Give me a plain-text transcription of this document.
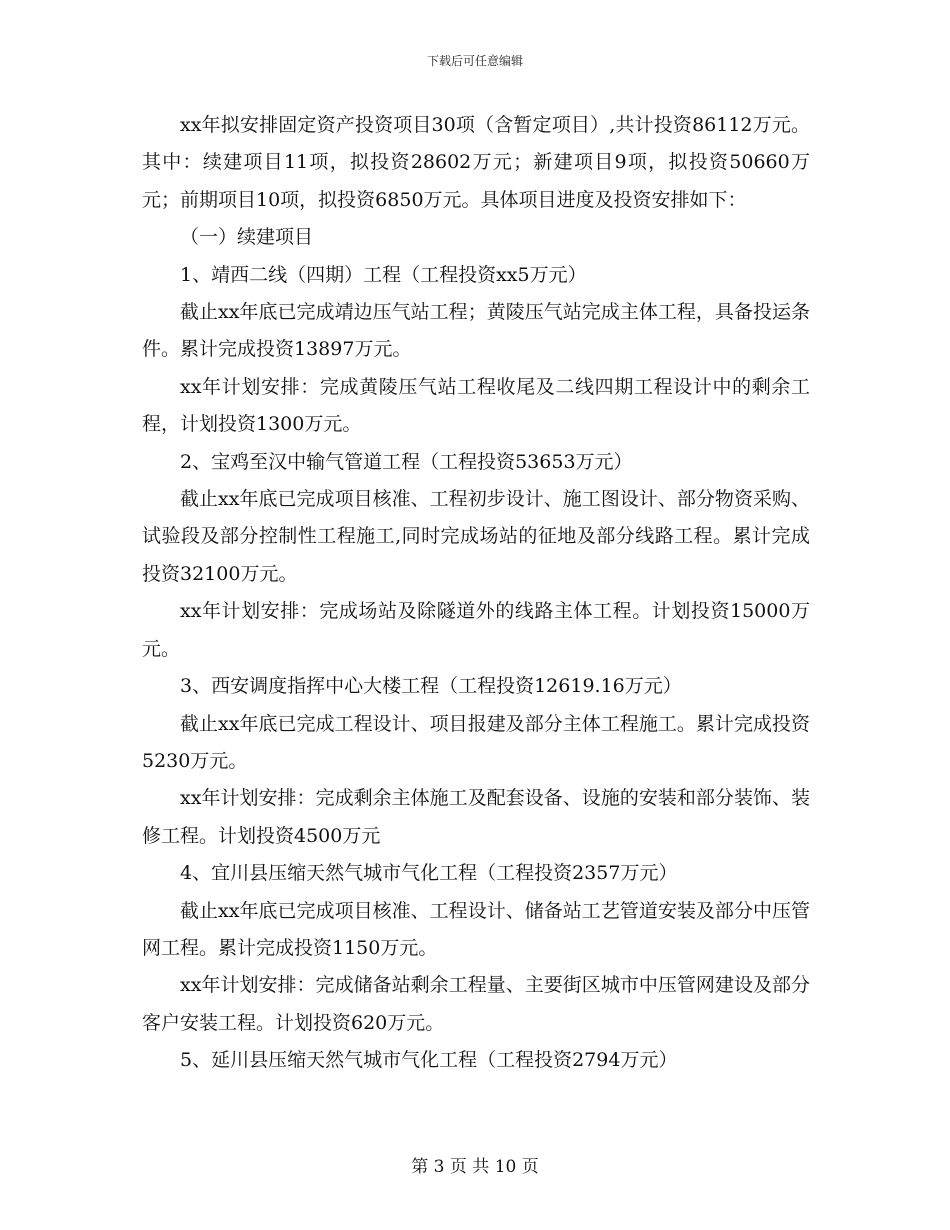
下载后可任意编辑

xx年拟安排固定资产投资项目30项（含暂定项目）,共计投资86112万元。其中：续建项目11项，拟投资28602万元；新建项目9项，拟投资50660万元；前期项目10项，拟投资6850万元。具体项目进度及投资安排如下：

（一）续建项目

1、靖西二线（四期）工程（工程投资xx5万元）

截止xx年底已完成靖边压气站工程；黄陵压气站完成主体工程，具备投运条件。累计完成投资13897万元。

xx年计划安排：完成黄陵压气站工程收尾及二线四期工程设计中的剩余工程，计划投资1300万元。

2、宝鸡至汉中输气管道工程（工程投资53653万元）

截止xx年底已完成项目核准、工程初步设计、施工图设计、部分物资采购、试验段及部分控制性工程施工,同时完成场站的征地及部分线路工程。累计完成投资32100万元。

xx年计划安排：完成场站及除隧道外的线路主体工程。计划投资15000万元。

3、西安调度指挥中心大楼工程（工程投资12619.16万元）

截止xx年底已完成工程设计、项目报建及部分主体工程施工。累计完成投资5230万元。

xx年计划安排：完成剩余主体施工及配套设备、设施的安装和部分装饰、装修工程。计划投资4500万元

4、宜川县压缩天然气城市气化工程（工程投资2357万元）

截止xx年底已完成项目核准、工程设计、储备站工艺管道安装及部分中压管网工程。累计完成投资1150万元。

xx年计划安排：完成储备站剩余工程量、主要街区城市中压管网建设及部分客户安装工程。计划投资620万元。

5、延川县压缩天然气城市气化工程（工程投资2794万元）

第 3 页 共 10 页
